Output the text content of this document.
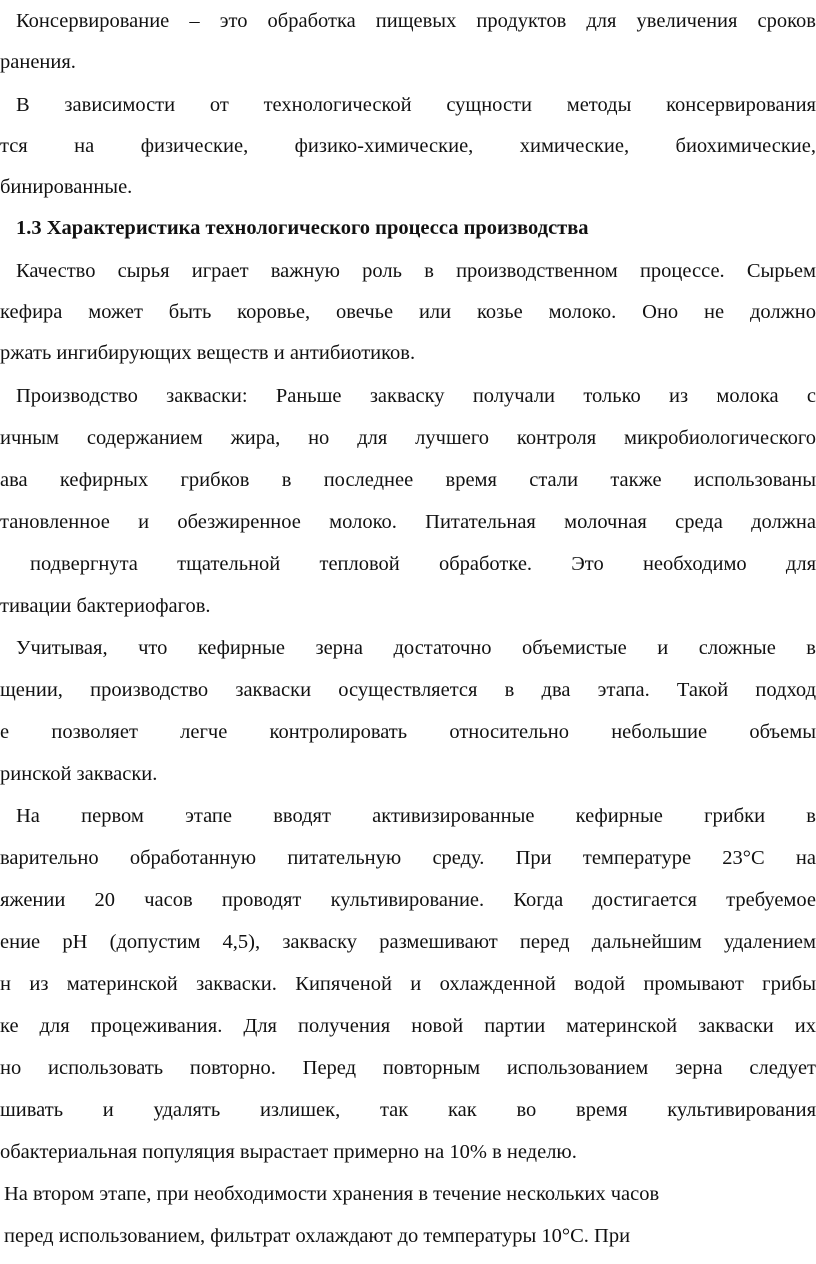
Консервирование – это обработка пищевых продуктов для увеличения сроков
ранения.
В зависимости от технологической сущности методы консервирования
тся на физические, физико-химические, химические, биохимические,
бинированные.
1.3 Характеристика технологического процесса производства
Качество сырья играет важную роль в производственном процессе. Сырьем
кефира может быть коровье, овечье или козье молоко. Оно не должно
ржать ингибирующих веществ и антибиотиков.
Производство закваски: Раньше закваску получали только из молока с
ичным содержанием жира, но для лучшего контроля микробиологического
ава кефирных грибков в последнее время стали также использованы
тановленное и обезжиренное молоко. Питательная молочная среда должна
подвергнута тщательной тепловой обработке. Это необходимо для
тивации бактериофагов.
Учитывая, что кефирные зерна достаточно объемистые и сложные в
щении, производство закваски осуществляется в два этапа. Такой подход
е позволяет легче контролировать относительно небольшие объемы
ринской закваски.
На первом этапе вводят активизированные кефирные грибки в
варительно обработанную питательную среду. При температуре 23°С на
яжении 20 часов проводят культивирование. Когда достигается требуемое
ение pH (допустим 4,5), закваску размешивают перед дальнейшим удалением
н из материнской закваски. Кипяченой и охлажденной водой промывают грибы
ке для процеживания. Для получения новой партии материнской закваски их
но использовать повторно. Перед повторным использованием зерна следует
шивать и удалять излишек, так как во время культивирования
обактериальная популяция вырастает примерно на 10% в неделю.
На втором этапе, при необходимости хранения в течение нескольких часов
перед использованием, фильтрат охлаждают до температуры 10°С. При
